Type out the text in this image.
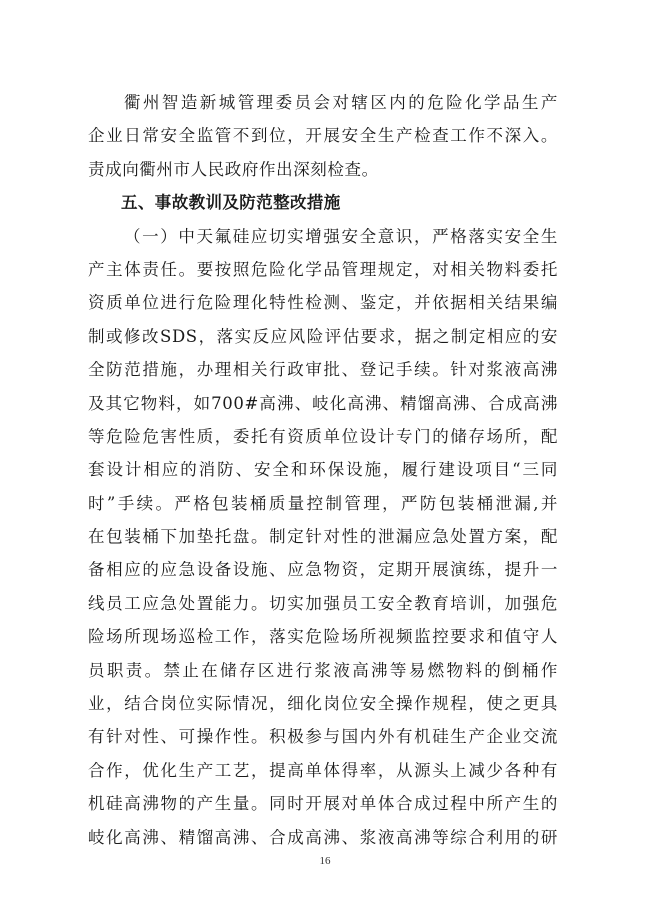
衢州智造新城管理委员会对辖区内的危险化学品生产
企业日常安全监管不到位，开展安全生产检查工作不深入。
责成向衢州市人民政府作出深刻检查。
五、事故教训及防范整改措施
（一）中天氟硅应切实增强安全意识，严格落实安全生
产主体责任。要按照危险化学品管理规定，对相关物料委托
资质单位进行危险理化特性检测、鉴定，并依据相关结果编
制或修改SDS，落实反应风险评估要求，据之制定相应的安
全防范措施，办理相关行政审批、登记手续。针对浆液高沸
及其它物料，如700#高沸、岐化高沸、精馏高沸、合成高沸
等危险危害性质，委托有资质单位设计专门的储存场所，配
套设计相应的消防、安全和环保设施，履行建设项目“三同
时”手续。严格包装桶质量控制管理，严防包装桶泄漏,并
在包装桶下加垫托盘。制定针对性的泄漏应急处置方案，配
备相应的应急设备设施、应急物资，定期开展演练，提升一
线员工应急处置能力。切实加强员工安全教育培训，加强危
险场所现场巡检工作，落实危险场所视频监控要求和值守人
员职责。禁止在储存区进行浆液高沸等易燃物料的倒桶作
业，结合岗位实际情况，细化岗位安全操作规程，使之更具
有针对性、可操作性。积极参与国内外有机硅生产企业交流
合作，优化生产工艺，提高单体得率，从源头上减少各种有
机硅高沸物的产生量。同时开展对单体合成过程中所产生的
岐化高沸、精馏高沸、合成高沸、浆液高沸等综合利用的研
16
